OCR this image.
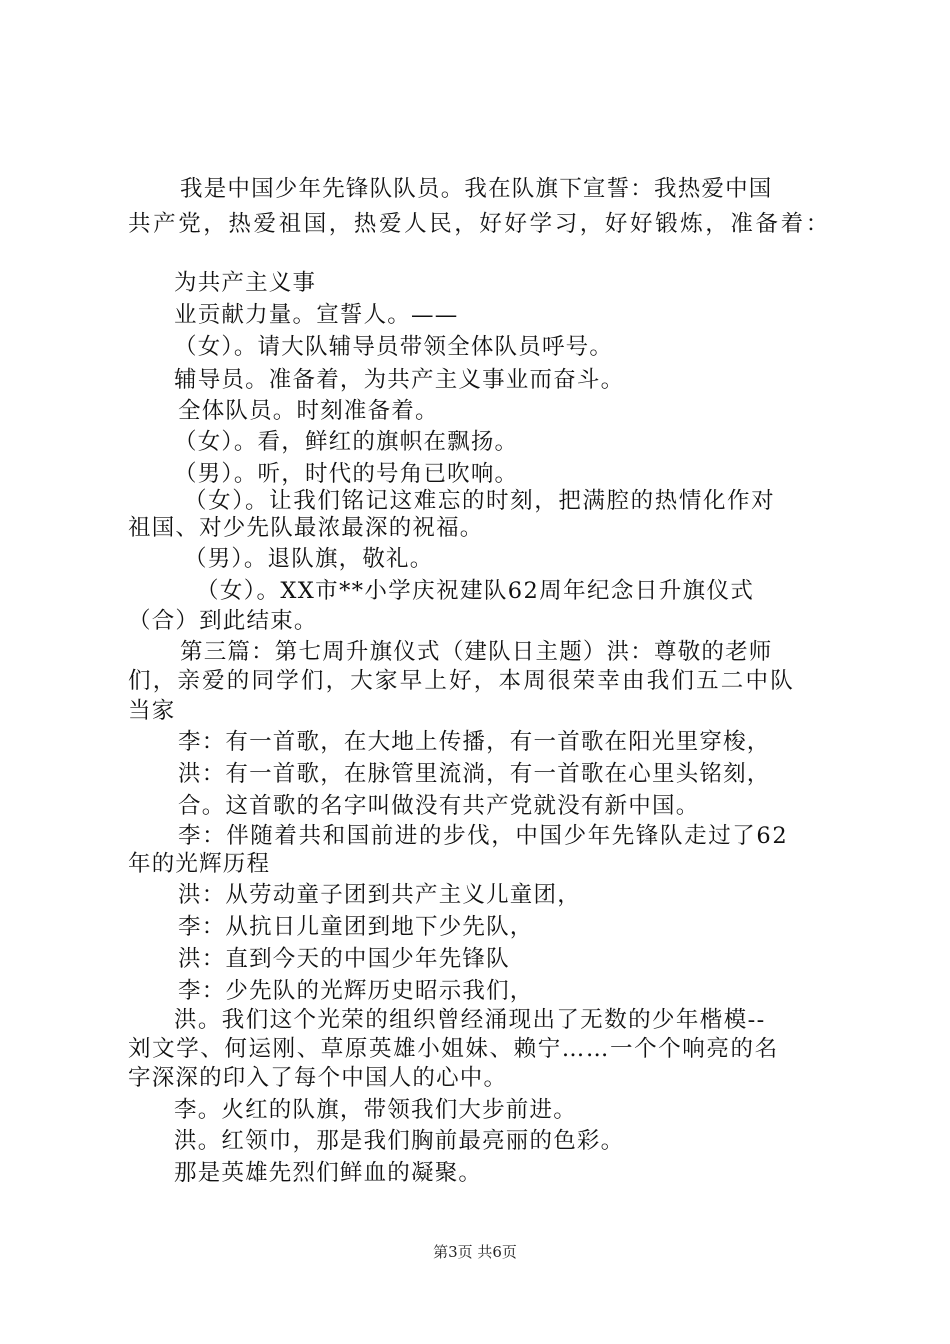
我是中国少年先锋队队员。我在队旗下宣誓：我热爱中国
共产党，热爱祖国，热爱人民，好好学习，好好锻炼，准备着：
为共产主义事
业贡献力量。宣誓人。——
（女）。请大队辅导员带领全体队员呼号。
辅导员。准备着，为共产主义事业而奋斗。
全体队员。时刻准备着。
（女）。看，鲜红的旗帜在飘扬。
（男）。听，时代的号角已吹响。
（女）。让我们铭记这难忘的时刻，把满腔的热情化作对
祖国、对少先队最浓最深的祝福。
（男）。退队旗，敬礼。
（女）。XX市**小学庆祝建队62周年纪念日升旗仪式
（合）到此结束。
第三篇：第七周升旗仪式（建队日主题）洪：尊敬的老师
们，亲爱的同学们，大家早上好，本周很荣幸由我们五二中队
当家
李：有一首歌，在大地上传播，有一首歌在阳光里穿梭，
洪：有一首歌，在脉管里流淌，有一首歌在心里头铭刻，
合。这首歌的名字叫做没有共产党就没有新中国。
李：伴随着共和国前进的步伐，中国少年先锋队走过了62
年的光辉历程
洪：从劳动童子团到共产主义儿童团，
李：从抗日儿童团到地下少先队，
洪：直到今天的中国少年先锋队
李：少先队的光辉历史昭示我们，
洪。我们这个光荣的组织曾经涌现出了无数的少年楷模--
刘文学、何运刚、草原英雄小姐妹、赖宁……一个个响亮的名
字深深的印入了每个中国人的心中。
李。火红的队旗，带领我们大步前进。
洪。红领巾，那是我们胸前最亮丽的色彩。
那是英雄先烈们鲜血的凝聚。
第3页 共6页
